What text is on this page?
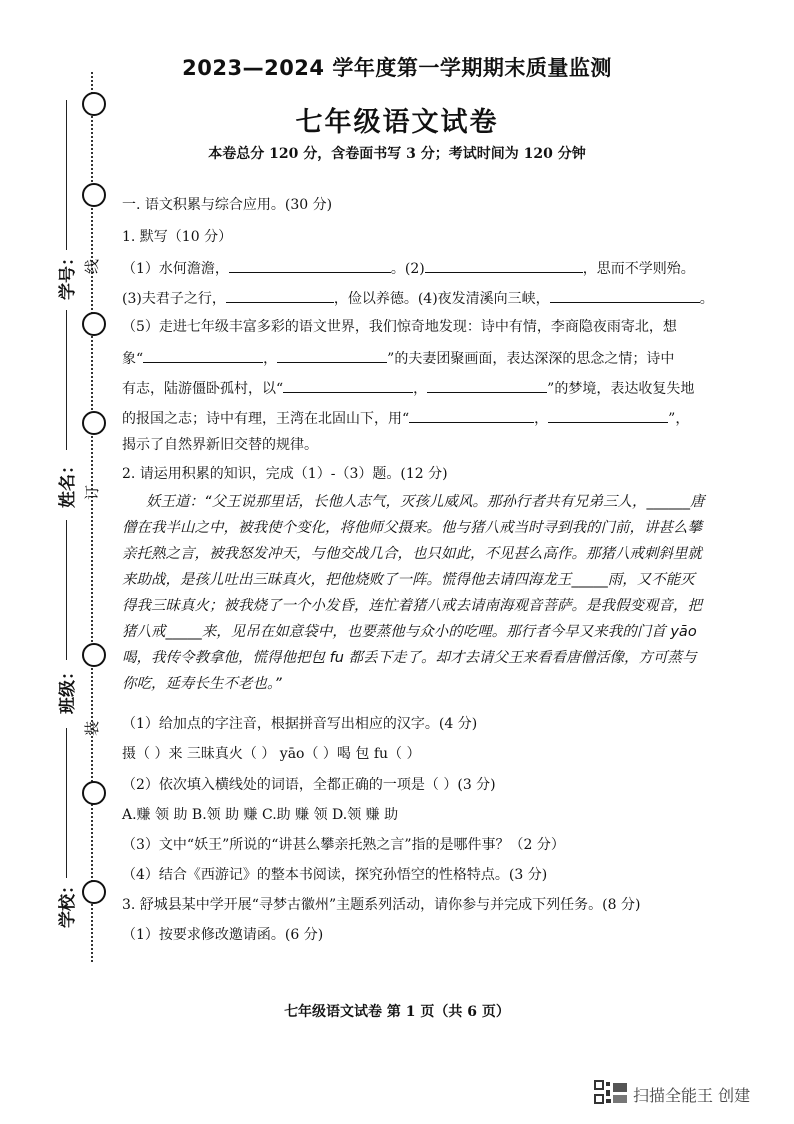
线
订
装
学号：
姓名：
班级：
学校：
2023—2024 学年度第一学期期末质量监测
七年级语文试卷
本卷总分 120 分，含卷面书写 3 分；考试时间为 120 分钟
一. 语文积累与综合应用。(30 分)
1. 默写（10 分）
（1）水何澹澹，	。(2)	，思而不学则殆。
(3)夫君子之行，	，俭以养德。(4)夜发清溪向三峡，	。
（5）走进七年级丰富多彩的语文世界，我们惊奇地发现：诗中有情，李商隐夜雨寄北，想
象“	，	”的夫妻团聚画面，表达深深的思念之情；诗中
有志，陆游僵卧孤村，以“	，	”的梦境，表达收复失地
的报国之志；诗中有理，王湾在北固山下，用“	，	”，
揭示了自然界新旧交替的规律。
2. 请运用积累的知识，完成（1）-（3）题。(12 分)
妖王道：“父王说那里话，长他人志气，灭孩儿威风。那孙行者共有兄弟三人，______唐
僧在我半山之中，被我使个变化，将他师父摄来。他与猪八戒当时寻到我的门前，讲甚么攀
亲托熟之言，被我怒发冲天，与他交战几合，也只如此，不见甚么高作。那猪八戒刺斜里就
来助战，是孩儿吐出三昧真火，把他烧败了一阵。慌得他去请四海龙王_____雨，又不能灭
得我三昧真火；被我烧了一个小发昏，连忙着猪八戒去请南海观音菩萨。是我假变观音，把
猪八戒_____来，见吊在如意袋中，也要蒸他与众小的吃哩。那行者今早又来我的门首 yāo
喝，我传令教拿他，慌得他把包 fu 都丢下走了。却才去请父王来看看唐僧活像，方可蒸与
你吃，延寿长生不老也。”
（1）给加点的字注音，根据拼音写出相应的汉字。(4 分)
摄（ ）来 三昧真火（ ） yāo（ ）喝 包 fu（ ）
（2）依次填入横线处的词语，全都正确的一项是（ ）(3 分)
A.赚 领 助 B.领 助 赚 C.助 赚 领 D.领 赚 助
（3）文中“妖王”所说的“讲甚么攀亲托熟之言”指的是哪件事？（2 分）
（4）结合《西游记》的整本书阅读，探究孙悟空的性格特点。(3 分)
3. 舒城县某中学开展“寻梦古徽州”主题系列活动，请你参与并完成下列任务。(8 分)
（1）按要求修改邀请函。(6 分)
七年级语文试卷 第 1 页（共 6 页）
扫描全能王 创建
